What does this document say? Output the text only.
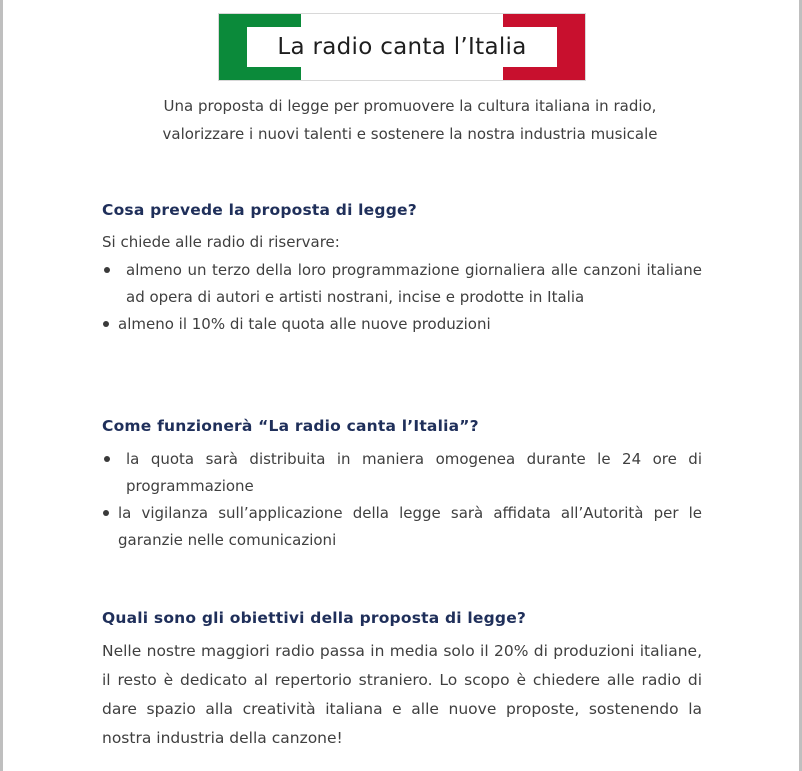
La radio canta l’Italia
Una proposta di legge per promuovere la cultura italiana in radio,
valorizzare i nuovi talenti e sostenere la nostra industria musicale
Cosa prevede la proposta di legge?
Si chiede alle radio di riservare:
almeno un terzo della loro programmazione giornaliera alle canzoni italiane ad opera di autori e artisti nostrani, incise e prodotte in Italia
almeno il 10% di tale quota alle nuove produzioni
Come funzionerà “La radio canta l’Italia”?
la quota sarà distribuita in maniera omogenea durante le 24 ore di programmazione
la vigilanza sull’applicazione della legge sarà affidata all’Autorità per le garanzie nelle comunicazioni
Quali sono gli obiettivi della proposta di legge?
Nelle nostre maggiori radio passa in media solo il 20% di produzioni italiane, il resto è dedicato al repertorio straniero. Lo scopo è chiedere alle radio di dare spazio alla creatività italiana e alle nuove proposte, sostenendo la nostra industria della canzone!
